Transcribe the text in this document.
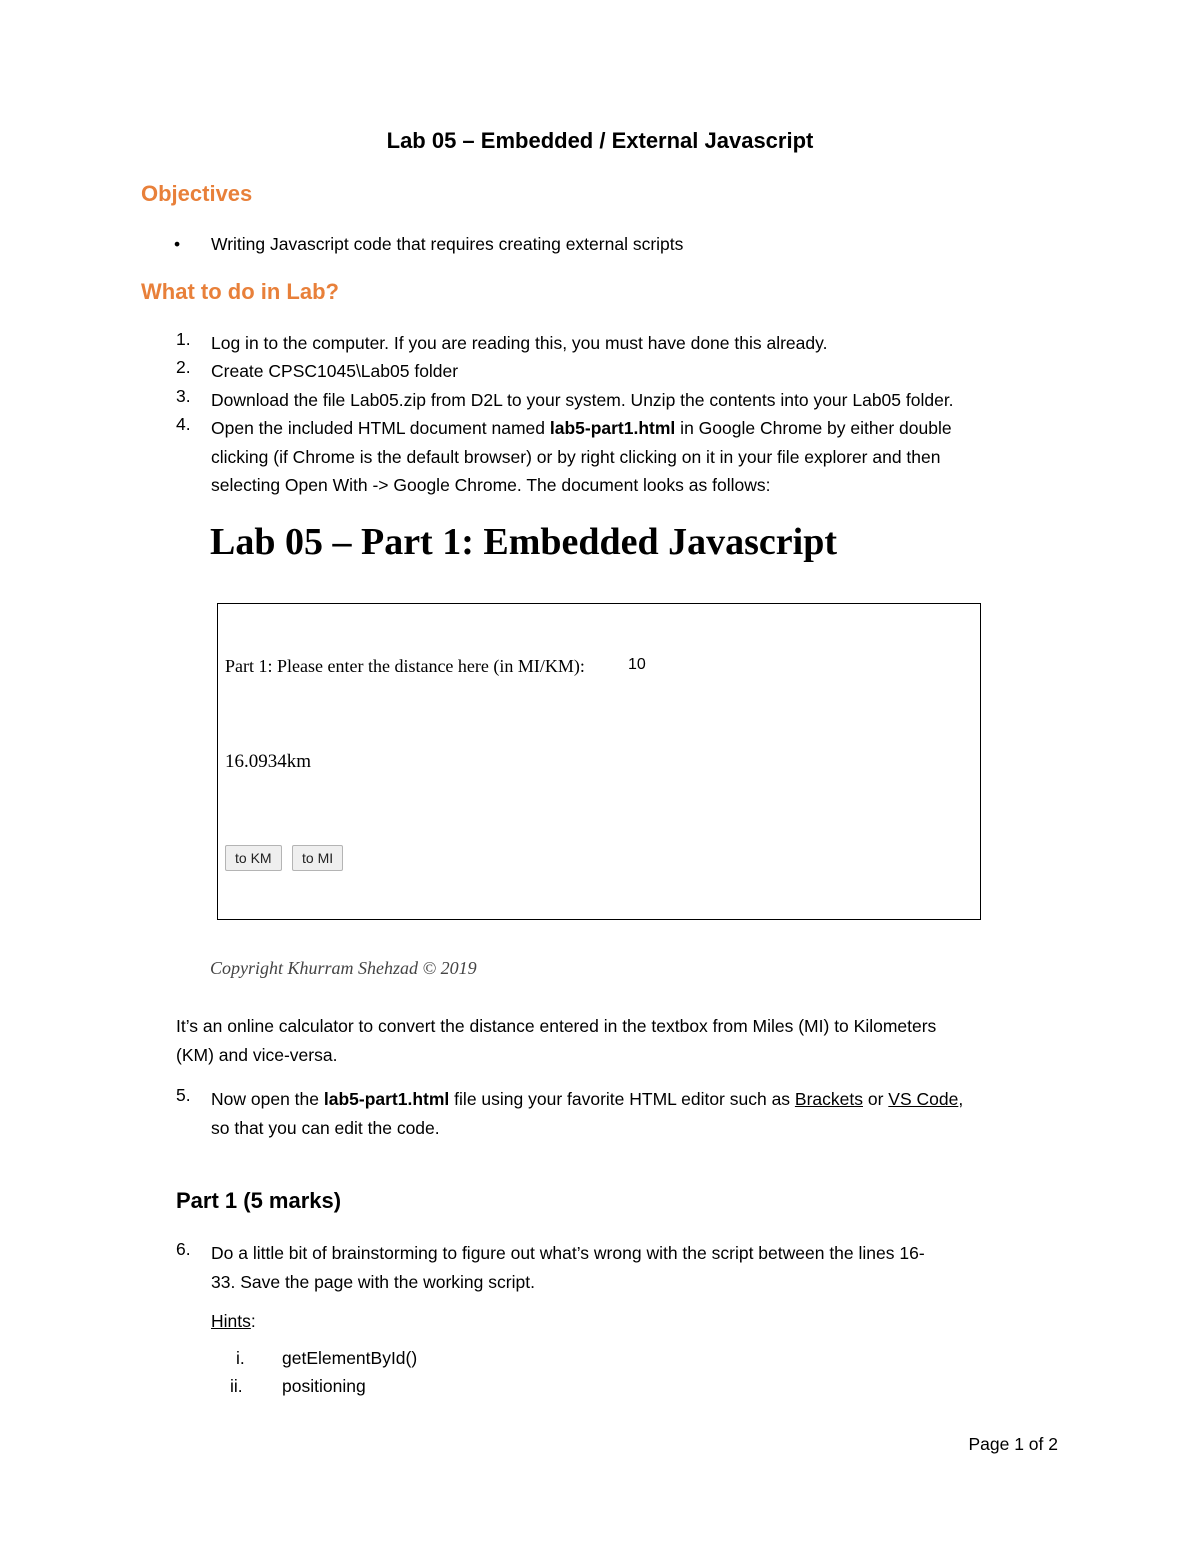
Lab 05 – Embedded / External Javascript
Objectives
• Writing Javascript code that requires creating external scripts
What to do in Lab?
1. Log in to the computer. If you are reading this, you must have done this already.
2. Create CPSC1045\Lab05 folder
3. Download the file Lab05.zip from D2L to your system. Unzip the contents into your Lab05 folder.
4. Open the included HTML document named lab5-part1.html in Google Chrome by either double
clicking (if Chrome is the default browser) or by right clicking on it in your file explorer and then
selecting Open With -> Google Chrome. The document looks as follows:
Lab 05 – Part 1: Embedded Javascript
Part 1: Please enter the distance here (in MI/KM):	10
16.0934km
to KM	to MI
Copyright Khurram Shehzad © 2019
It’s an online calculator to convert the distance entered in the textbox from Miles (MI) to Kilometers
(KM) and vice-versa.
5. Now open the lab5-part1.html file using your favorite HTML editor such as Brackets or VS Code,
so that you can edit the code.
Part 1 (5 marks)
6. Do a little bit of brainstorming to figure out what’s wrong with the script between the lines 16-
33. Save the page with the working script.
Hints:
i. getElementById()
ii. positioning
Page 1 of 2
